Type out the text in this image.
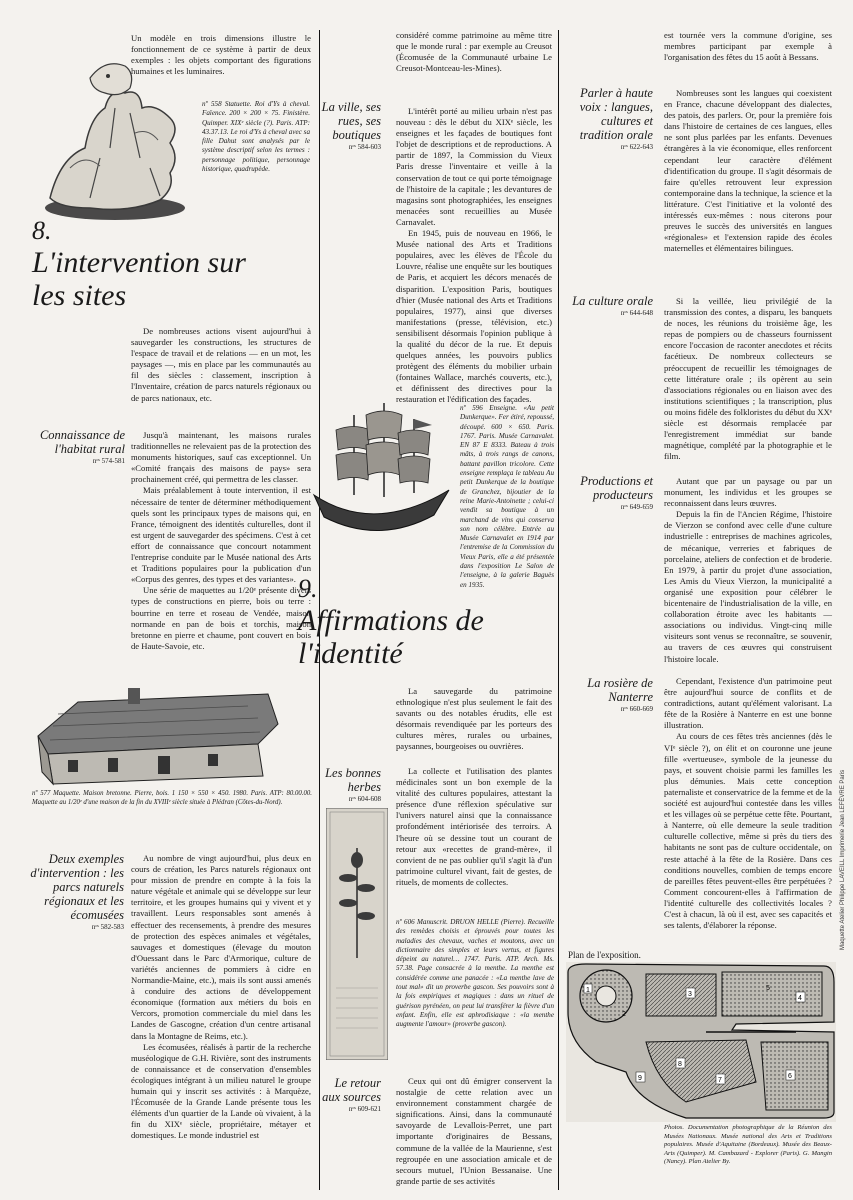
Un modèle en trois dimensions illustre le fonctionnement de ce système à partir de deux exemples : les objets comportant des figurations humaines et les luminaires.
nº 558 Statuette. Roi d'Ys à cheval. Faïence. 200 × 200 × 75. Finistère. Quimper. XIXᵉ siècle (?). Paris. ATP: 43.37.13. Le roi d'Ys à cheval avec sa fille Dahut sont analysés par le système descriptif selon les termes : personnage politique, personnage historique, quadrupède.
8.
L'intervention sur les sites

De nombreuses actions visent aujourd'hui à sauvegarder les constructions, les structures de l'espace de travail et de relations — en un mot, les paysages —, mis en place par les communautés au fil des siècles : classement, inscription à l'Inventaire, création de parcs naturels régionaux ou de parcs nationaux, etc.

Connaissance de l'habitat rural
nᵒˢ 574-581

Jusqu'à maintenant, les maisons rurales traditionnelles ne relevaient pas de la protection des monuments historiques, sauf cas exceptionnel. Un «Comité français des maisons de pays» sera prochainement créé, qui permettra de les classer.

Mais préalablement à toute intervention, il est nécessaire de tenter de déterminer méthodiquement quels sont les principaux types de maisons qui, en France, témoignent des identités culturelles, dont il est urgent de sauvegarder des spécimens. C'est à cet effort de connaissance que concourt notamment l'entreprise conduite par le Musée national des Arts et Traditions populaires pour la publication d'un «Corpus des genres, des types et des variantes».

Une série de maquettes au 1/20ᵉ présente divers types de constructions en pierre, bois ou terre : bourrine en terre et roseau de Vendée, maison normande en pan de bois et torchis, maison bretonne en pierre et chaume, pont couvert en bois de Haute-Savoie, etc.

nº 577 Maquette. Maison bretonne. Pierre, bois. 1 150 × 550 × 450. 1980. Paris. ATP: 80.00.00. Maquette au 1/20ᵉ d'une maison de la fin du XVIIIᵉ siècle située à Plédran (Côtes-du-Nord).
Deux exemples d'intervention : les parcs naturels régionaux et les écomusées
nᵒˢ 582-583

Au nombre de vingt aujourd'hui, plus deux en cours de création, les Parcs naturels régionaux ont pour mission de prendre en compte à la fois la nature végétale et animale qui se développe sur leur territoire, et les groupes humains qui y vivent et y travaillent. Leurs responsables sont amenés à effectuer des recensements, à prendre des mesures de protection des espèces animales et végétales, sauvages et domestiques (élevage du mouton d'Ouessant dans le Parc d'Armorique, culture de variétés anciennes de pommiers à cidre en Normandie-Maine, etc.), mais ils sont aussi amenés à conduire des actions de développement économique (formation aux métiers du bois en Vercors, promotion commerciale du miel dans les Landes de Gascogne, création d'un centre artisanal dans la Montagne de Reims, etc.).

Les écomusées, réalisés à partir de la recherche muséologique de G.H. Rivière, sont des instruments de connaissance et de conservation d'ensembles écologiques intégrant à un milieu naturel le groupe humain qui y inscrit ses activités : à Marquèze, l'Écomusée de la Grande Lande présente tous les éléments d'un quartier de la Lande où vivaient, à la fin du XIXᵉ siècle, propriétaire, métayer et domestiques. Le monde industriel est

considéré comme patrimoine au même titre que le monde rural : par exemple au Creusot (Écomusée de la Communauté urbaine Le Creusot-Montceau-les-Mines).

La ville, ses rues, ses boutiques
nᵒˢ 584-603

L'intérêt porté au milieu urbain n'est pas nouveau : dès le début du XIXᵉ siècle, les enseignes et les façades de boutiques font l'objet de descriptions et de reproductions. A partir de 1897, la Commission du Vieux Paris dresse l'inventaire et veille à la conservation de tout ce qui porte témoignage de l'histoire de la capitale ; les devantures de magasins sont photographiées, les enseignes menacées sont recueillies au Musée Carnavalet.

En 1945, puis de nouveau en 1966, le Musée national des Arts et Traditions populaires, avec les élèves de l'École du Louvre, réalise une enquête sur les boutiques de Paris, et acquiert les décors menacés de disparition. L'exposition Paris, boutiques d'hier (Musée national des Arts et Traditions populaires, 1977), ainsi que diverses manifestations (presse, télévision, etc.) sensibilisent désormais l'opinion publique à la qualité du décor de la rue. Et depuis quelques années, les pouvoirs publics protègent des éléments du mobilier urbain (fontaines Wallace, marchés couverts, etc.), et définissent des directives pour la restauration et l'édification des façades.

nº 596 Enseigne. «Au petit Dunkerque». Fer étiré, repoussé, découpé. 600 × 650. Paris. 1767. Paris. Musée Carnavalet. EN 87 E 8333. Bateau à trois mâts, à trois rangs de canons, battant pavillon tricolore. Cette enseigne remplaça le tableau Au petit Dunkerque de la boutique de Granchez, bijoutier de la reine Marie-Antoinette ; celui-ci vendit sa boutique à un marchand de vins qui conserva son nom célèbre. Entrée au Musée Carnavalet en 1914 par l'entremise de la Commission du Vieux Paris, elle a été présentée dans l'exposition Le Salon de l'enseigne, à la galerie Baguès en 1935.
9.
Affirmations de l'identité

La sauvegarde du patrimoine ethnologique n'est plus seulement le fait des savants ou des notables érudits, elle est désormais revendiquée par les porteurs des cultures mères, rurales ou urbaines, paysannes, bourgeoises ou ouvrières.

Les bonnes herbes
nᵒˢ 604-608

La collecte et l'utilisation des plantes médicinales sont un bon exemple de la vitalité des cultures populaires, attestant la présence d'une réflexion spéculative sur l'univers naturel ainsi que la connaissance profondément intériorisée des terroirs. A l'heure où se dessine tout un courant de retour aux «recettes de grand-mère», il convient de ne pas oublier qu'il s'agit là d'un patrimoine culturel vivant, fait de gestes, de rituels, de moments de collectes.

nº 606 Manuscrit. DRUON HELLE (Pierre). Recueille des remèdes choisis et éprouvés pour toutes les maladies des chevaux, vaches et moutons, avec un dictionnaire des simples et leurs vertus, et figures dépeint au naturel… 1747. Paris. ATP. Arch. Ms. 57.38. Page consacrée à la menthe. La menthe est considérée comme une panacée : «La menthe lave de tout mal» dit un proverbe gascon. Ses pouvoirs sont à la fois empiriques et magiques : dans un rituel de guérison pyrénéen, on peut lui transférer la fièvre d'un enfant. Enfin, elle est aphrodisiaque : «la menthe augmente l'amour» (proverbe gascon).
Le retour aux sources
nᵒˢ 609-621

Ceux qui ont dû émigrer conservent la nostalgie de cette relation avec un environnement constamment chargée de significations. Ainsi, dans la communauté savoyarde de Levallois-Perret, une part importante d'originaires de Bessans, commune de la vallée de la Maurienne, s'est regroupée en une association amicale et de secours mutuel, l'Union Bessanaise. Une grande partie de ses activités

est tournée vers la commune d'origine, ses membres participant par exemple à l'organisation des fêtes du 15 août à Bessans.

Parler à haute voix : langues, cultures et tradition orale
nᵒˢ 622-643

Nombreuses sont les langues qui coexistent en France, chacune développant des dialectes, des patois, des parlers. Or, pour la première fois dans l'histoire de certaines de ces langues, elles ne sont plus parlées par les enfants. Devenues étrangères à la vie économique, elles renforcent cependant leur caractère d'élément d'identification du groupe. Il s'agit désormais de faire qu'elles retrouvent leur expression contemporaine dans la technique, la science et la littérature. C'est l'initiative et la volonté des intéressés eux-mêmes : nous citerons pour preuves le succès des universités en langues «régionales» et l'extension rapide des écoles maternelles et élémentaires bilingues.

La culture orale
nᵒˢ 644-648

Si la veillée, lieu privilégié de la transmission des contes, a disparu, les banquets de noces, les réunions du troisième âge, les repas de pompiers ou de chasseurs fournissent encore l'occasion de raconter anecdotes et récits facétieux. De nombreux collecteurs se préoccupent de recueillir les témoignages de cette littérature orale ; ils opèrent au sein d'associations régionales ou en liaison avec des institutions scientifiques ; la transcription, plus ou moins fidèle des folkloristes du début du XXᵉ siècle est désormais remplacée par l'enregistrement immédiat sur bande magnétique, complété par la photographie et le film.

Productions et producteurs
nᵒˢ 649-659

Autant que par un paysage ou par un monument, les individus et les groupes se reconnaissent dans leurs œuvres.

Depuis la fin de l'Ancien Régime, l'histoire de Vierzon se confond avec celle d'une culture industrielle : entreprises de machines agricoles, de mécanique, verreries et fabriques de porcelaine, ateliers de confection et de broderie. En 1979, à partir du projet d'une association, Les Amis du Vieux Vierzon, la municipalité a organisé une exposition pour célébrer le bicentenaire de l'industrialisation de la ville, en collaboration étroite avec les habitants — associations ou individus. Vingt-cinq mille visiteurs sont venus se reconnaître, se souvenir, au travers de ces œuvres qui construisent l'histoire locale.

La rosière de Nanterre
nᵒˢ 660-669

Cependant, l'existence d'un patrimoine peut être aujourd'hui source de conflits et de contradictions, autant qu'élément valorisant. La fête de la Rosière à Nanterre en est une bonne illustration.

Au cours de ces fêtes très anciennes (dès le VIᵉ siècle ?), on élit et on couronne une jeune fille «vertueuse», symbole de la jeunesse du pays, et souvent choisie parmi les familles les plus démunies. Mais cette conception paternaliste et conservatrice de la femme et de la société est aujourd'hui contestée dans les villes et les villages où se perpétue cette fête. Pourtant, à Nanterre, où elle demeure la seule tradition culturelle collective, même si près du tiers des habitants ne sont pas de culture occidentale, on reste attaché à la fête de la Rosière. Dans ces conditions nouvelles, combien de temps encore de pareilles fêtes peuvent-elles être perpétuées ? Comment concourent-elles à l'affirmation de l'identité culturelle des collectivités locales ? C'est à chacun, là où il est, avec ses capacités et ses talents, d'élaborer la réponse.	Maquette Atelier Philippe LAVEILL Imprimerie Jean LEFÈVRE Paris
Plan de l'exposition.
1
2
3
4
5
6
7
8
9
Photos. Documentation photographique de la Réunion des Musées Nationaux. Musée national des Arts et Traditions populaires. Musée d'Aquitaine (Bordeaux). Musée des Beaux-Arts (Quimper). M. Cambazard - Explorer (Paris). G. Mangin (Nancy). Plan Atelier By.
